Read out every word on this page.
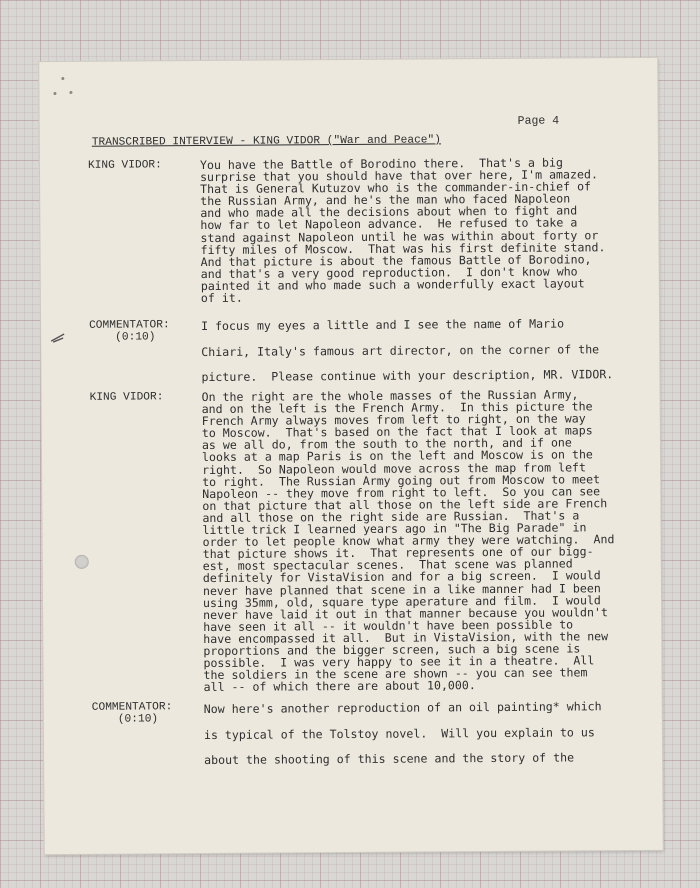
Page 4
TRANSCRIBED INTERVIEW - KING VIDOR ("War and Peace")
KING VIDOR:	You have the Battle of Borodino there.  That's a big
surprise that you should have that over here, I'm amazed.
That is General Kutuzov who is the commander-in-chief of
the Russian Army, and he's the man who faced Napoleon
and who made all the decisions about when to fight and
how far to let Napoleon advance.  He refused to take a
stand against Napoleon until he was within about forty or
fifty miles of Moscow.  That was his first definite stand.
And that picture is about the famous Battle of Borodino,
and that's a very good reproduction.  I don't know who
painted it and who made such a wonderfully exact layout
of it.
COMMENTATOR:
(0:10)
I focus my eyes a little and I see the name of Mario
Chiari, Italy's famous art director, on the corner of the
picture.  Please continue with your description, MR. VIDOR.
KING VIDOR:	On the right are the whole masses of the Russian Army,
and on the left is the French Army.  In this picture the
French Army always moves from left to right, on the way
to Moscow.  That's based on the fact that I look at maps
as we all do, from the south to the north, and if one
looks at a map Paris is on the left and Moscow is on the
right.  So Napoleon would move across the map from left
to right.  The Russian Army going out from Moscow to meet
Napoleon -- they move from right to left.  So you can see
on that picture that all those on the left side are French
and all those on the right side are Russian.  That's a
little trick I learned years ago in "The Big Parade" in
order to let people know what army they were watching.  And
that picture shows it.  That represents one of our bigg-
est, most spectacular scenes.  That scene was planned
definitely for VistaVision and for a big screen.  I would
never have planned that scene in a like manner had I been
using 35mm, old, square type aperature and film.  I would
never have laid it out in that manner because you wouldn't
have seen it all -- it wouldn't have been possible to
have encompassed it all.  But in VistaVision, with the new
proportions and the bigger screen, such a big scene is
possible.  I was very happy to see it in a theatre.  All
the soldiers in the scene are shown -- you can see them
all -- of which there are about 10,000.
COMMENTATOR:
(0:10)
Now here's another reproduction of an oil painting* which
is typical of the Tolstoy novel.  Will you explain to us
about the shooting of this scene and the story of the
